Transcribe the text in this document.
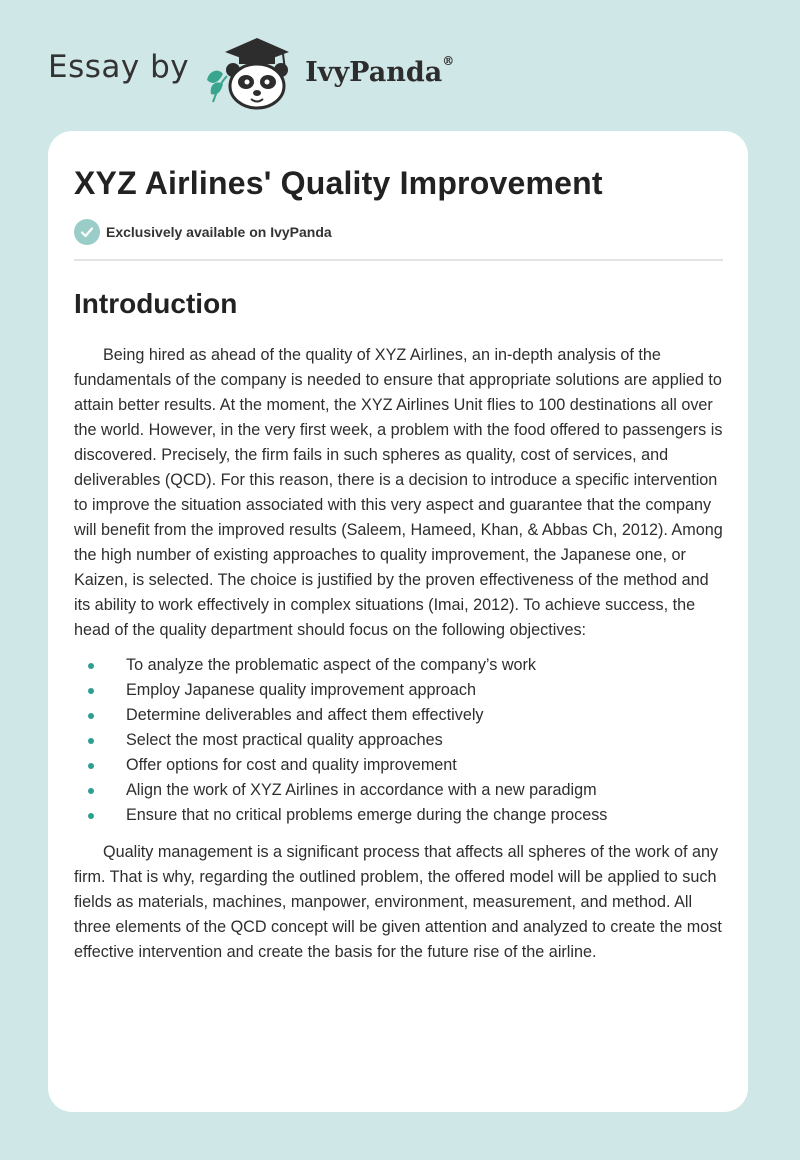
Essay by	IvyPanda®
XYZ Airlines' Quality Improvement
Exclusively available on IvyPanda
Introduction

Being hired as ahead of the quality of XYZ Airlines, an in-depth analysis of the fundamentals of the company is needed to ensure that appropriate solutions are applied to attain better results. At the moment, the XYZ Airlines Unit flies to 100 destinations all over the world. However, in the very first week, a problem with the food offered to passengers is discovered. Precisely, the firm fails in such spheres as quality, cost of services, and deliverables (QCD). For this reason, there is a decision to introduce a specific intervention to improve the situation associated with this very aspect and guarantee that the company will benefit from the improved results (Saleem, Hameed, Khan, & Abbas Ch, 2012). Among the high number of existing approaches to quality improvement, the Japanese one, or Kaizen, is selected. The choice is justified by the proven effectiveness of the method and its ability to work effectively in complex situations (Imai, 2012). To achieve success, the head of the quality department should focus on the following objectives:

To analyze the problematic aspect of the company’s work
Employ Japanese quality improvement approach
Determine deliverables and affect them effectively
Select the most practical quality approaches
Offer options for cost and quality improvement
Align the work of XYZ Airlines in accordance with a new paradigm
Ensure that no critical problems emerge during the change process

Quality management is a significant process that affects all spheres of the work of any firm. That is why, regarding the outlined problem, the offered model will be applied to such fields as materials, machines, manpower, environment, measurement, and method. All three elements of the QCD concept will be given attention and analyzed to create the most effective intervention and create the basis for the future rise of the airline.
